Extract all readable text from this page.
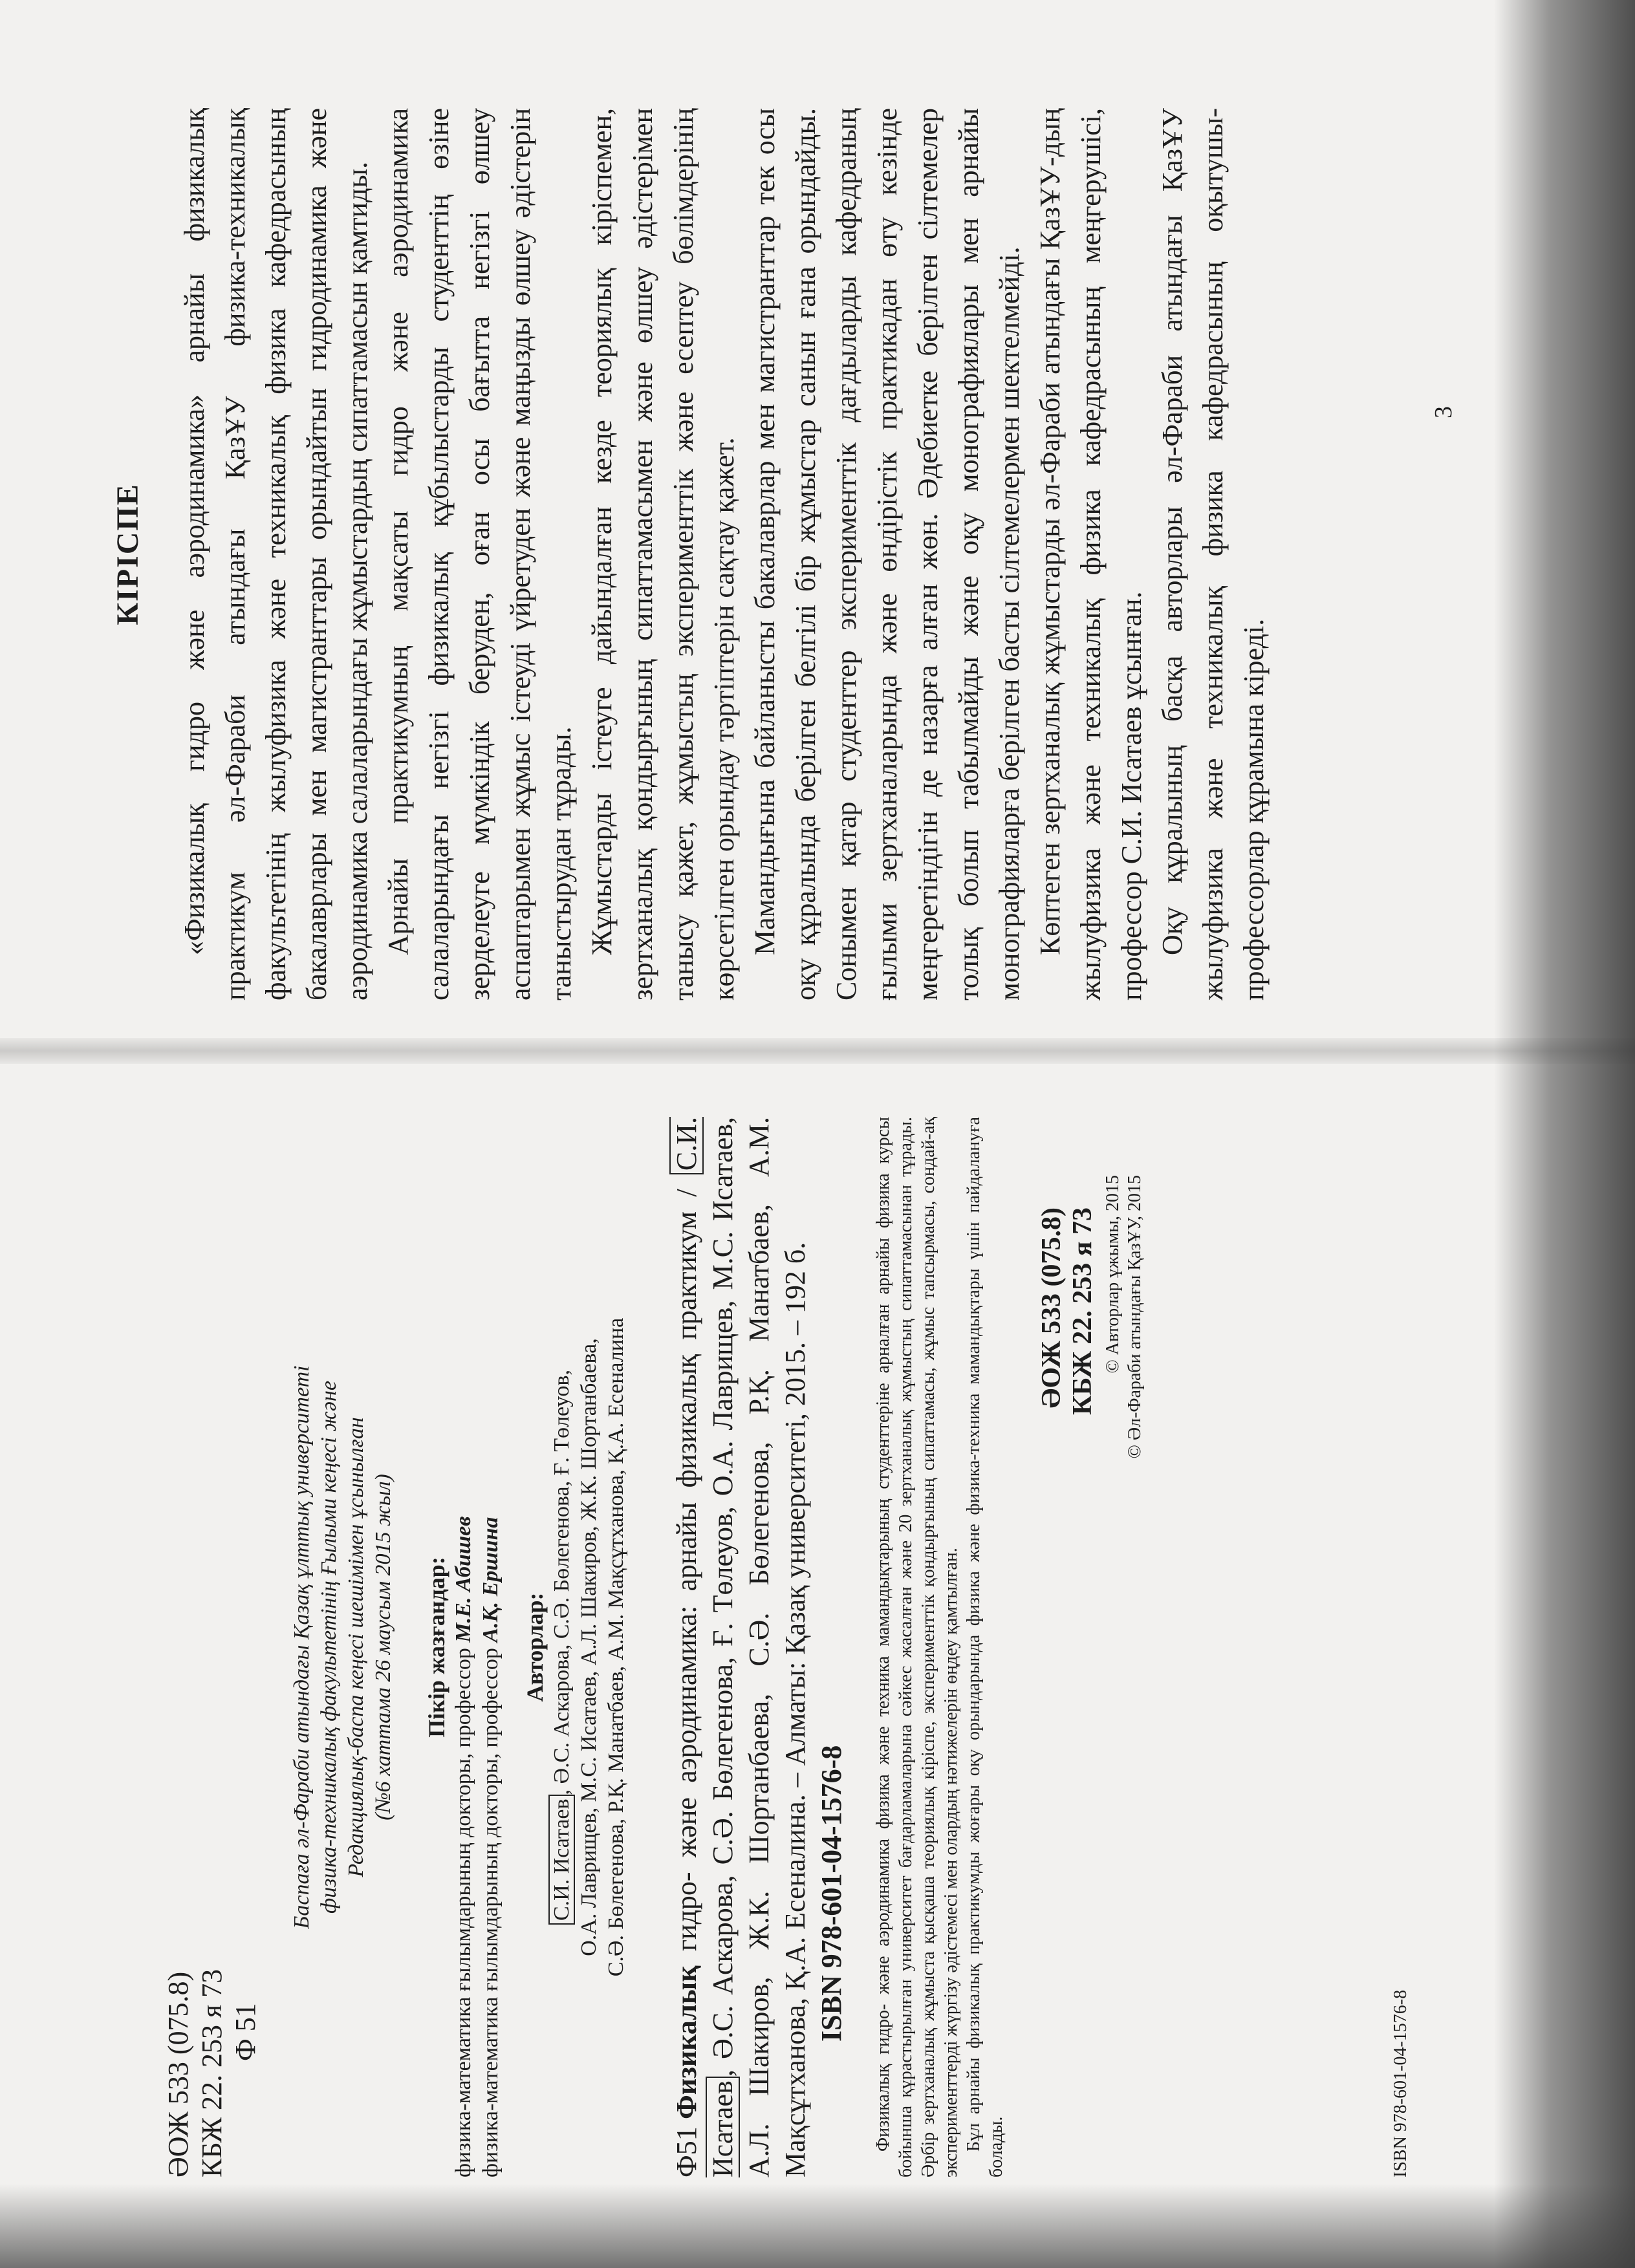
ӘОЖ 533 (075.8) КБЖ 22. 253 я 73 Ф 51
Баспаға әл-Фараби атындағы Қазақ ұлттық университеті физика-техникалық факультетінің Ғылыми кеңесі және Редакциялық-баспа кеңесі шешімімен ұсынылған (№6 хаттама 26 маусым 2015 жыл) Пікір жазғандар: физика-математика ғылымдарының докторы, профессор М.Е. Абишев
физика-математика ғылымдарының докторы, профессор А.Қ. Ершина
Авторлар:
С.И. Исатаев, Ә.С. Аскарова, С.Ә. Бөлегенова, Ғ. Төлеуов, О.А. Лаврищев, М.С. Исатаев, А.Л. Шакиров, Ж.К. Шортанбаева, С.Ә. Бөлегенова, Р.Қ. Манатбаев, А.М. Мақсұтханова, Қ.А. Есеналина
Ф51Физикалық гидро- және аэродинамика: арнайы физикалық практикум / С.И. Исатаев, Ә.С. Аскарова, С.Ә. Бөлегенова, Ғ. Төлеуов, О.А. Лаврищев, М.С. Исатаев, А.Л. Шакиров, Ж.К. Шортанбаева, С.Ә. Бөлегенова, Р.Қ. Манатбаев, А.М. Мақсұтханова, Қ.А. Есеналина. – Алматы: Қазақ университеті, 2015. – 192 б. ISBN 978-601-04-1576-8 Физикалық гидро- және аэродинамика физика және техника мамандықтарының студенттеріне арналған арнайы физика курсы бойынша құрастырылған университет бағдарламаларына сәйкес жасалған және 20 зертханалық жұмыстың сипаттамасынан тұрады. Әрбір зертханалық жұмыста қысқаша теориялық кіріспе, эксперименттік қондырғының сипаттамасы, жұмыс тапсырмасы, сондай-ақ эксперименттерді жүргізу әдістемесі мен олардың нәтижелерін өңдеу қамтылған. Бұл арнайы физикалық практикумды жоғары оқу орындарында физика және физика-техника мамандықтары үшін пайдалануға болады.
ӘОЖ 533 (075.8) КБЖ 22. 253 я 73 © Авторлар ұжымы, 2015 © Әл-Фараби атындағы ҚазҰУ, 2015
ISBN 978-601-04-1576-8
КІРІСПЕ «Физикалық гидро және аэродинамика» арнайы физикалық практикум әл-Фараби атындағы ҚазҰУ физика-техникалық факультетінің жылуфизика және техникалық физика кафедрасының бакалаврлары мен магистранттары орындайтын гидродинамика және аэродинамика салаларындағы жұмыстардың сипаттамасын қамтиды. Арнайы практикумның мақсаты гидро және аэродинамика салаларындағы негізгі физикалық құбылыстарды студенттің өзіне зерделеуге мүмкіндік беруден, оған осы бағытта негізгі өлшеу аспаптарымен жұмыс істеуді үйретуден және маңызды өлшеу әдістерін таныстырудан тұрады. Жұмыстарды істеуге дайындалған кезде теориялық кіріспемен, зертханалық қондырғының сипаттамасымен және өлшеу әдістерімен танысу қажет, жұмыстың эксперименттік және есептеу бөлімдерінің көрсетілген орындау тәртіптерін сақтау қажет. Мамандығына байланысты бакалаврлар мен магистранттар тек осы оқу құралында берілген белгілі бір жұмыстар санын ғана орындайды. Сонымен қатар студенттер эксперименттік дағдыларды кафедраның ғылыми зертханаларында және өндірістік практикадан өту кезінде меңгеретіндігін де назарға алған жөн. Әдебиетке берілген сілтемелер толық болып табылмайды және оқу монографиялары мен арнайы монографияларға берілген басты сілтемелермен шектелмейді. Көптеген зертханалық жұмыстарды әл-Фараби атындағы ҚазҰУ-дың жылуфизика және техникалық физика кафедрасының меңгерушісі, профессор С.И. Исатаев ұсынған. Оқу құралының басқа авторлары әл-Фараби атындағы ҚазҰУ жылуфизика және техникалық физика кафедрасының оқытушы-профессорлар құрамына кіреді.

3
